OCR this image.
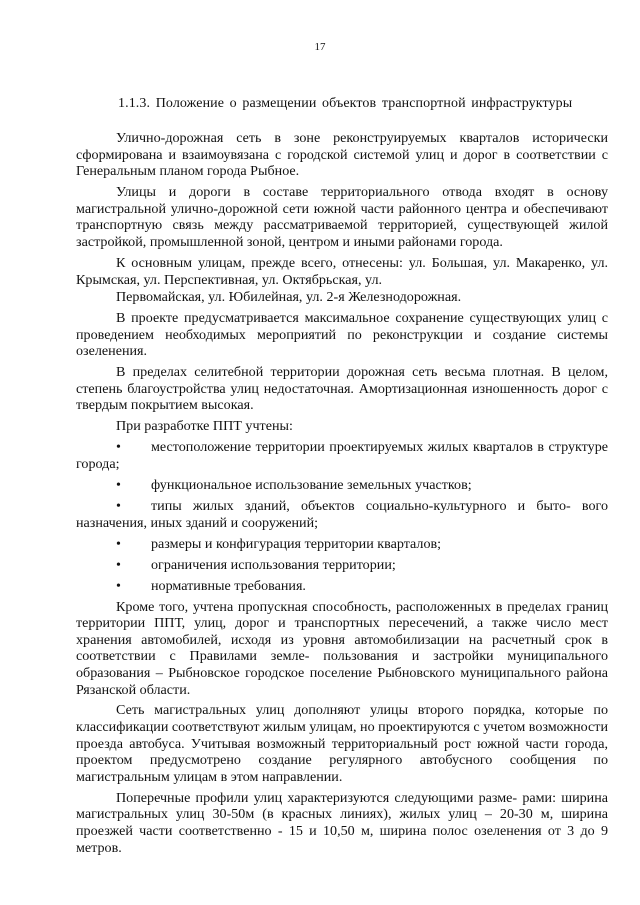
17
1.1.3. Положение о размещении объектов транспортной инфраструктуры

Улично-дорожная сеть в зоне реконструируемых кварталов исторически сформирована и взаимоувязана с городской системой улиц и дорог в соответствии с Генеральным планом города Рыбное.

Улицы и дороги в составе территориального отвода входят в основу магистральной улично-дорожной сети южной части районного центра и обеспечивают транспортную связь между рассматриваемой территорией, существующей жилой застройкой, промышленной зоной, центром и иными районами города.

К основным улицам, прежде всего, отнесены: ул. Большая, ул. Макаренко, ул. Крымская, ул. Перспективная, ул. Октябрьская, ул.

Первомайская, ул. Юбилейная, ул. 2-я Железнодорожная.

В проекте предусматривается максимальное сохранение существующих улиц с проведением необходимых мероприятий по реконструкции и создание системы озеленения.

В пределах селитебной территории дорожная сеть весьма плотная. В целом, степень благоустройства улиц недостаточная. Амортизационная изношенность дорог с твердым покрытием высокая.

При разработке ППТ учтены:

• местоположение территории проектируемых жилых кварталов в структуре города;
• функциональное использование земельных участков;
• типы жилых зданий, объектов социально-культурного и быто- вого назначения, иных зданий и сооружений;
• размеры и конфигурация территории кварталов;
• ограничения использования территории;
• нормативные требования.

Кроме того, учтена пропускная способность, расположенных в пределах границ территории ППТ, улиц, дорог и транспортных пересечений, а также число мест хранения автомобилей, исходя из уровня автомобилизации на расчетный срок в соответствии с Правилами земле- пользования и застройки муниципального образования – Рыбновское городское поселение Рыбновского муниципального района Рязанской области.

Сеть магистральных улиц дополняют улицы второго порядка, которые по классификации соответствуют жилым улицам, но проектируются с учетом возможности проезда автобуса. Учитывая возможный территориальный рост южной части города, проектом предусмотрено создание регулярного автобусного сообщения по магистральным улицам в этом направлении.

Поперечные профили улиц характеризуются следующими разме- рами: ширина магистральных улиц 30-50м (в красных линиях), жилых улиц – 20-30 м, ширина проезжей части соответственно - 15 и 10,50 м, ширина полос озеленения от 3 до 9 метров.
